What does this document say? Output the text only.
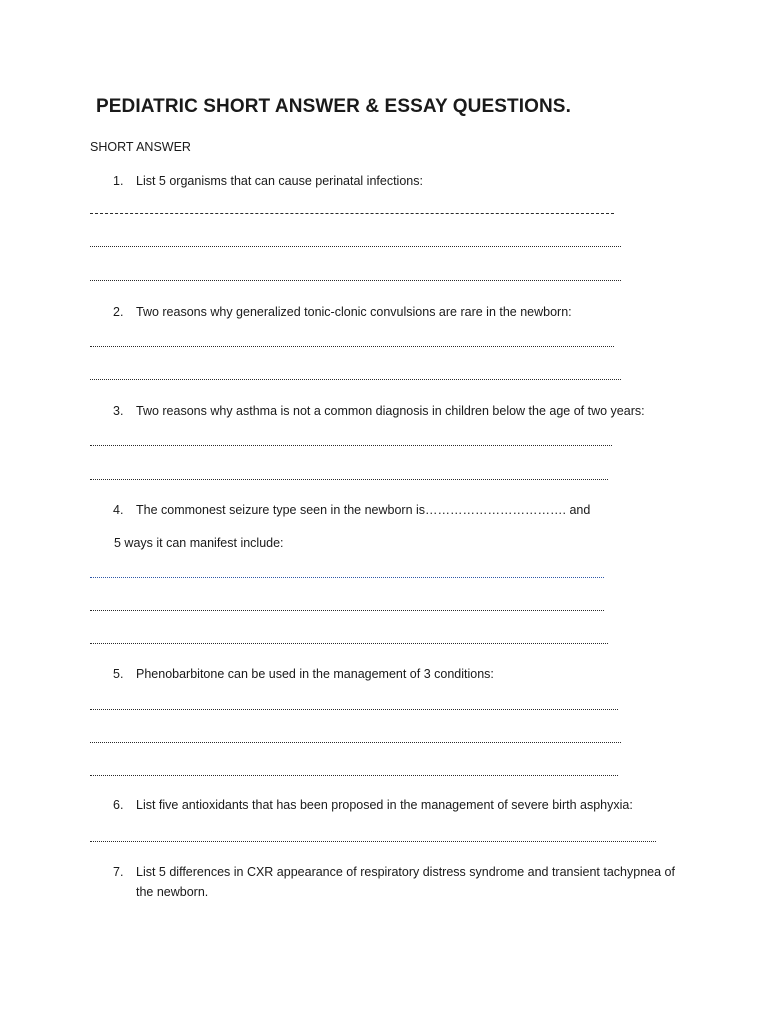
PEDIATRIC SHORT ANSWER & ESSAY QUESTIONS.
SHORT ANSWER
1. List 5 organisms that can cause perinatal infections:
2. Two reasons why generalized tonic-clonic convulsions are rare in the newborn:
3. Two reasons why asthma is not a common diagnosis in children below the age of two years:
4. The commonest seizure type seen in the newborn is……………………………. and
5 ways it can manifest include:
5. Phenobarbitone can be used in the management of 3 conditions:
6. List five antioxidants that has been proposed in the management of severe birth asphyxia:
7. List 5 differences in CXR appearance of respiratory distress syndrome and transient tachypnea of
the newborn.
